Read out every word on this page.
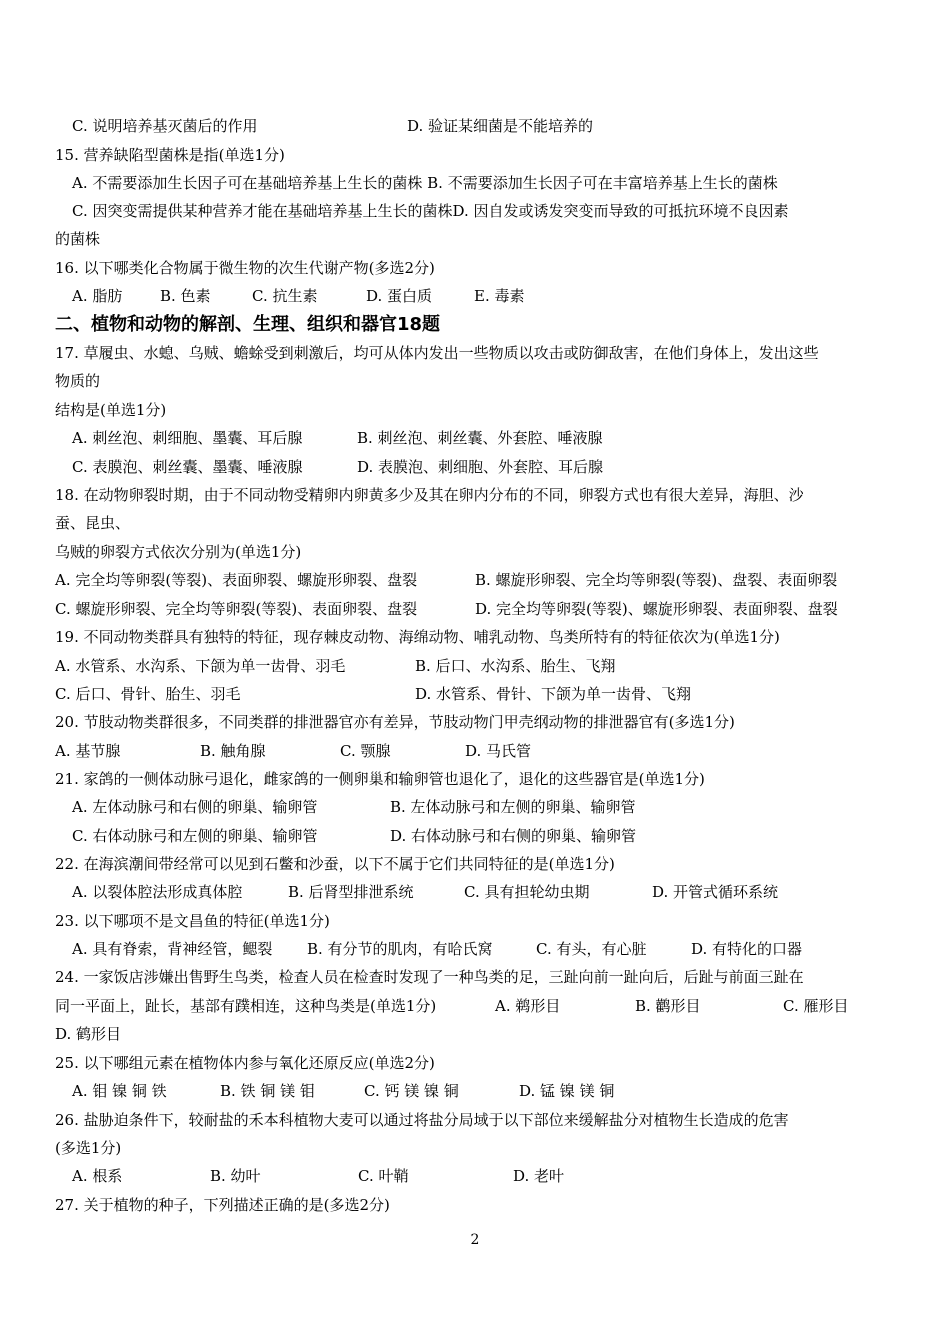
C. 说明培养基灭菌后的作用	D. 验证某细菌是不能培养的
15. 营养缺陷型菌株是指(单选1分)
A. 不需要添加生长因子可在基础培养基上生长的菌株 B. 不需要添加生长因子可在丰富培养基上生长的菌株
C. 因突变需提供某种营养才能在基础培养基上生长的菌株D. 因自发或诱发突变而导致的可抵抗环境不良因素
的菌株
16. 以下哪类化合物属于微生物的次生代谢产物(多选2分)
A. 脂肪	B. 色素	C. 抗生素	D. 蛋白质	E. 毒素
二、植物和动物的解剖、生理、组织和器官18题
17. 草履虫、水螅、乌贼、蟾蜍受到刺激后，均可从体内发出一些物质以攻击或防御敌害，在他们身体上，发出这些
物质的
结构是(单选1分)
A. 刺丝泡、刺细胞、墨囊、耳后腺	B. 刺丝泡、刺丝囊、外套腔、唾液腺
C. 表膜泡、刺丝囊、墨囊、唾液腺	D. 表膜泡、刺细胞、外套腔、耳后腺
18. 在动物卵裂时期，由于不同动物受精卵内卵黄多少及其在卵内分布的不同，卵裂方式也有很大差异，海胆、沙
蚕、昆虫、
乌贼的卵裂方式依次分别为(单选1分)
A. 完全均等卵裂(等裂)、表面卵裂、螺旋形卵裂、盘裂	B. 螺旋形卵裂、完全均等卵裂(等裂)、盘裂、表面卵裂
C. 螺旋形卵裂、完全均等卵裂(等裂)、表面卵裂、盘裂	D. 完全均等卵裂(等裂)、螺旋形卵裂、表面卵裂、盘裂
19. 不同动物类群具有独特的特征，现存棘皮动物、海绵动物、哺乳动物、鸟类所特有的特征依次为(单选1分)
A. 水管系、水沟系、下颌为单一齿骨、羽毛	B. 后口、水沟系、胎生、飞翔
C. 后口、骨针、胎生、羽毛	D. 水管系、骨针、下颌为单一齿骨、飞翔
20. 节肢动物类群很多，不同类群的排泄器官亦有差异，节肢动物门甲壳纲动物的排泄器官有(多选1分)
A. 基节腺	B. 触角腺	C. 颚腺	D. 马氏管
21. 家鸽的一侧体动脉弓退化，雌家鸽的一侧卵巢和输卵管也退化了，退化的这些器官是(单选1分)
A. 左体动脉弓和右侧的卵巢、输卵管	B. 左体动脉弓和左侧的卵巢、输卵管
C. 右体动脉弓和左侧的卵巢、输卵管	D. 右体动脉弓和右侧的卵巢、输卵管
22. 在海滨潮间带经常可以见到石鳖和沙蚕，以下不属于它们共同特征的是(单选1分)
A. 以裂体腔法形成真体腔	B. 后肾型排泄系统	C. 具有担轮幼虫期	D. 开管式循环系统
23. 以下哪项不是文昌鱼的特征(单选1分)
A. 具有脊索，背神经管，鳃裂	B. 有分节的肌肉，有哈氏窝	C. 有头，有心脏	D. 有特化的口器
24. 一家饭店涉嫌出售野生鸟类，检查人员在检查时发现了一种鸟类的足，三趾向前一趾向后，后趾与前面三趾在
同一平面上，趾长，基部有蹼相连，这种鸟类是(单选1分)	A. 鹈形目	B. 鹳形目	C. 雁形目
D. 鹤形目
25. 以下哪组元素在植物体内参与氧化还原反应(单选2分)
A. 钼 镍 铜 铁	B. 铁 铜 镁 钼	C. 钙 镁 镍 铜	D. 锰 镍 镁 铜
26. 盐胁迫条件下，较耐盐的禾本科植物大麦可以通过将盐分局域于以下部位来缓解盐分对植物生长造成的危害
(多选1分)
A. 根系	B. 幼叶	C. 叶鞘	D. 老叶
27. 关于植物的种子，下列描述正确的是(多选2分)
2
